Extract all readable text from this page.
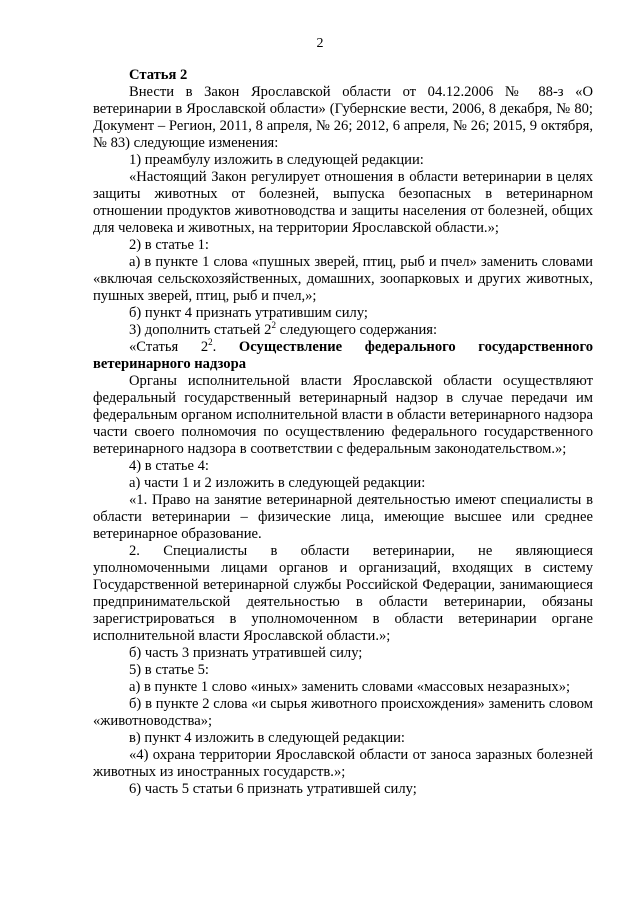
2

Статья 2

Внести в Закон Ярославской области от 04.12.2006 № 88-з «О ветеринарии в Ярославской области» (Губернские вести, 2006, 8 декабря, № 80; Документ – Регион, 2011, 8 апреля, № 26; 2012, 6 апреля, № 26; 2015, 9 октября, № 83) следующие изменения:

1) преамбулу изложить в следующей редакции:

«Настоящий Закон регулирует отношения в области ветеринарии в целях защиты животных от болезней, выпуска безопасных в ветеринарном отношении продуктов животноводства и защиты населения от болезней, общих для человека и животных, на территории Ярославской области.»;

2) в статье 1:

а) в пункте 1 слова «пушных зверей, птиц, рыб и пчел» заменить словами «включая сельскохозяйственных, домашних, зоопарковых и других животных, пушных зверей, птиц, рыб и пчел,»;

б) пункт 4 признать утратившим силу;

3) дополнить статьей $2^2$ следующего содержания:

«Статья $2^2$. Осуществление федерального государственного ветеринарного надзора

Органы исполнительной власти Ярославской области осуществляют федеральный государственный ветеринарный надзор в случае передачи им федеральным органом исполнительной власти в области ветеринарного надзора части своего полномочия по осуществлению федерального государственного ветеринарного надзора в соответствии с федеральным законодательством.»;

4) в статье 4:

а) части 1 и 2 изложить в следующей редакции:

«1. Право на занятие ветеринарной деятельностью имеют специалисты в области ветеринарии – физические лица, имеющие высшее или среднее ветеринарное образование.

2. Специалисты в области ветеринарии, не являющиеся уполномоченными лицами органов и организаций, входящих в систему Государственной ветеринарной службы Российской Федерации, занимающиеся предпринимательской деятельностью в области ветеринарии, обязаны зарегистрироваться в уполномоченном в области ветеринарии органе исполнительной власти Ярославской области.»;

б) часть 3 признать утратившей силу;

5) в статье 5:

а) в пункте 1 слово «иных» заменить словами «массовых незаразных»;

б) в пункте 2 слова «и сырья животного происхождения» заменить словом «животноводства»;

в) пункт 4 изложить в следующей редакции:

«4) охрана территории Ярославской области от заноса заразных болезней животных из иностранных государств.»;

6) часть 5 статьи 6 признать утратившей силу;
